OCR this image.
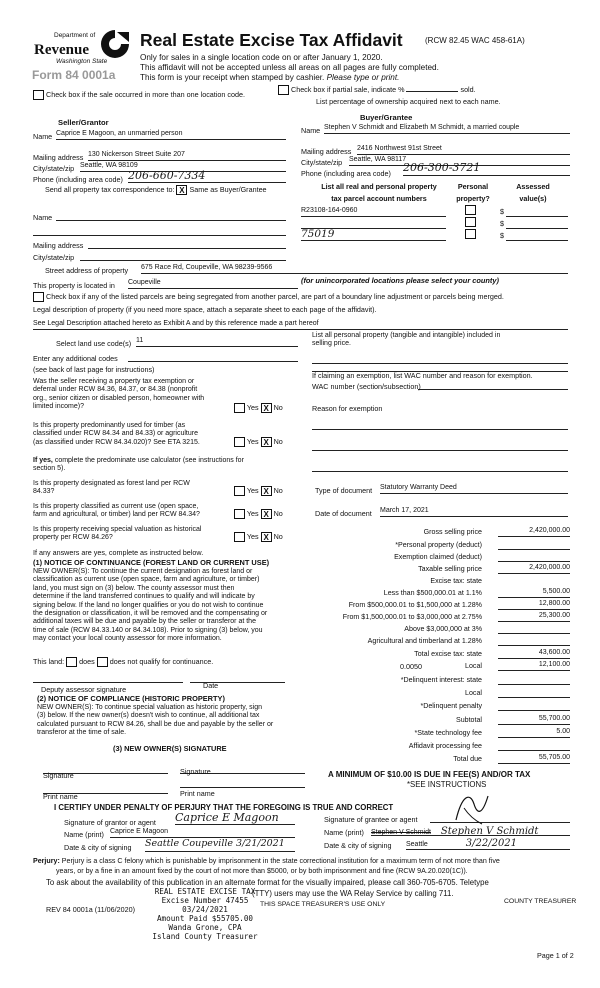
Department of
Revenue
Washington State
Form 84 0001a
Real Estate Excise Tax Affidavit	(RCW 82.45 WAC 458-61A)
Only for sales in a single location code on or after January 1, 2020.
This affidavit will not be accepted unless all areas on all pages are fully completed.
This form is your receipt when stamped by cashier. Please type or print.
Check box if the sale occurred in more than one location code.
Check box if partial sale, indicate %	sold.
List percentage of ownership acquired next to each name.
Seller/Grantor
Name Caprice E Magoon, an unmarried person
Mailing address 130 Nickerson Street Suite 207
City/state/zip Seattle, WA 98109
Phone (including area code) 206-660-7334
Send all property tax correspondence to: X Same as Buyer/Grantee
Name
Mailing address
City/state/zip
Buyer/Grantee
Name Stephen V Schmidt and Elizabeth M Schmidt, a married couple
Mailing address 2416 Northwest 91st Street
City/state/zip Seattle, WA 98117
Phone (including area code) 206-300-3721
List all real and personal property
tax parcel account numbers
Personal
property?
Assessed
value(s)
R23108-164-0960	$
$
75019	$
Street address of property 675 Race Rd, Coupeville, WA 98239-9566
This property is located in Coupeville	(for unincorporated locations please select your county)
Check box if any of the listed parcels are being segregated from another parcel, are part of a boundary line adjustment or parcels being merged.
Legal description of property (if you need more space, attach a separate sheet to each page of the affidavit).
See Legal Description attached hereto as Exhibit A and by this reference made a part hereof
Select land use code(s) 11
Enter any additional codes
(see back of last page for instructions)
Was the seller receiving a property tax exemption or
deferral under RCW 84.36, 84.37, or 84.38 (nonprofit
org., senior citizen or disabled person, homeowner with
limited income)?	Yes X No
Is this property predominantly used for timber (as
classified under RCW 84.34 and 84.33) or agriculture
(as classified under RCW 84.34.020)? See ETA 3215.	Yes X No
If yes, complete the predominate use calculator (see instructions for
section 5).
Is this property designated as forest land per RCW
84.33?	Yes X No
Is this property classified as current use (open space,
farm and agricultural, or timber) land per RCW 84.34?	Yes X No
Is this property receiving special valuation as historical
property per RCW 84.26?	Yes X No
If any answers are yes, complete as instructed below.
(1) NOTICE OF CONTINUANCE (FOREST LAND OR CURRENT USE)
NEW OWNER(S): To continue the current designation as forest land or
classification as current use (open space, farm and agriculture, or timber)
land, you must sign on (3) below. The county assessor must then
determine if the land transferred continues to qualify and will indicate by
signing below. If the land no longer qualifies or you do not wish to continue
the designation or classification, it will be removed and the compensating or
additional taxes will be due and payable by the seller or transferor at the
time of sale (RCW 84.33.140 or 84.34.108). Prior to signing (3) below, you
may contact your local county assessor for more information.
This land: does does not qualify for continuance.
Deputy assessor signature	Date
(2) NOTICE OF COMPLIANCE (HISTORIC PROPERTY)
NEW OWNER(S): To continue special valuation as historic property, sign
(3) below. If the new owner(s) doesn't wish to continue, all additional tax
calculated pursuant to RCW 84.26, shall be due and payable by the seller or
transferor at the time of sale.
(3) NEW OWNER(S) SIGNATURE
Signature	Signature
Print name	Print name
List all personal property (tangible and intangible) included in
selling price.
If claiming an exemption, list WAC number and reason for exemption.
WAC number (section/subsection)
Reason for exemption
Type of document Statutory Warranty Deed
Date of document March 17, 2021
Gross selling price	2,420,000.00
*Personal property (deduct)
Exemption claimed (deduct)
Taxable selling price	2,420,000.00
Excise tax: state
Less than $500,000.01 at 1.1%	5,500.00
From $500,000.01 to $1,500,000 at 1.28%	12,800.00
From $1,500,000.01 to $3,000,000 at 2.75%	25,300.00
Above $3,000,000 at 3%
Agricultural and timberland at 1.28%
Total excise tax: state	43,600.00
0.0050	Local	12,100.00
*Delinquent interest: state
Local
*Delinquent penalty
Subtotal	55,700.00
*State technology fee	5.00
Affidavit processing fee
Total due	55,705.00
A MINIMUM OF $10.00 IS DUE IN FEE(S) AND/OR TAX
*SEE INSTRUCTIONS
I CERTIFY UNDER PENALTY OF PERJURY THAT THE FOREGOING IS TRUE AND CORRECT
Signature of grantor or agent Caprice E Magoon
Name (print) Caprice E Magoon
Date & city of signing Seattle Coupeville 3/21/2021
Signature of grantee or agent
Name (print) Stephen V Schmidt Stephen V Schmidt
Date & city of signing Seattle	3/22/2021
Perjury: Perjury is a class C felony which is punishable by imprisonment in the state correctional institution for a maximum term of not more than five
years, or by a fine in an amount fixed by the court of not more than $5000, or by both imprisonment and fine (RCW 9A.20.020(1C)).
To ask about the availability of this publication in an alternate format for the visually impaired, please call 360-705-6705. Teletype
(TTY) users may use the WA Relay Service by calling 711.
REV 84 0001a (11/06/2020)
THIS SPACE TREASURER'S USE ONLY	COUNTY TREASURER
REAL ESTATE EXCISE TAX
Excise Number 47455
03/24/2021
Amount Paid $55705.00
Wanda Grone, CPA
Island County Treasurer
Page 1 of 2
